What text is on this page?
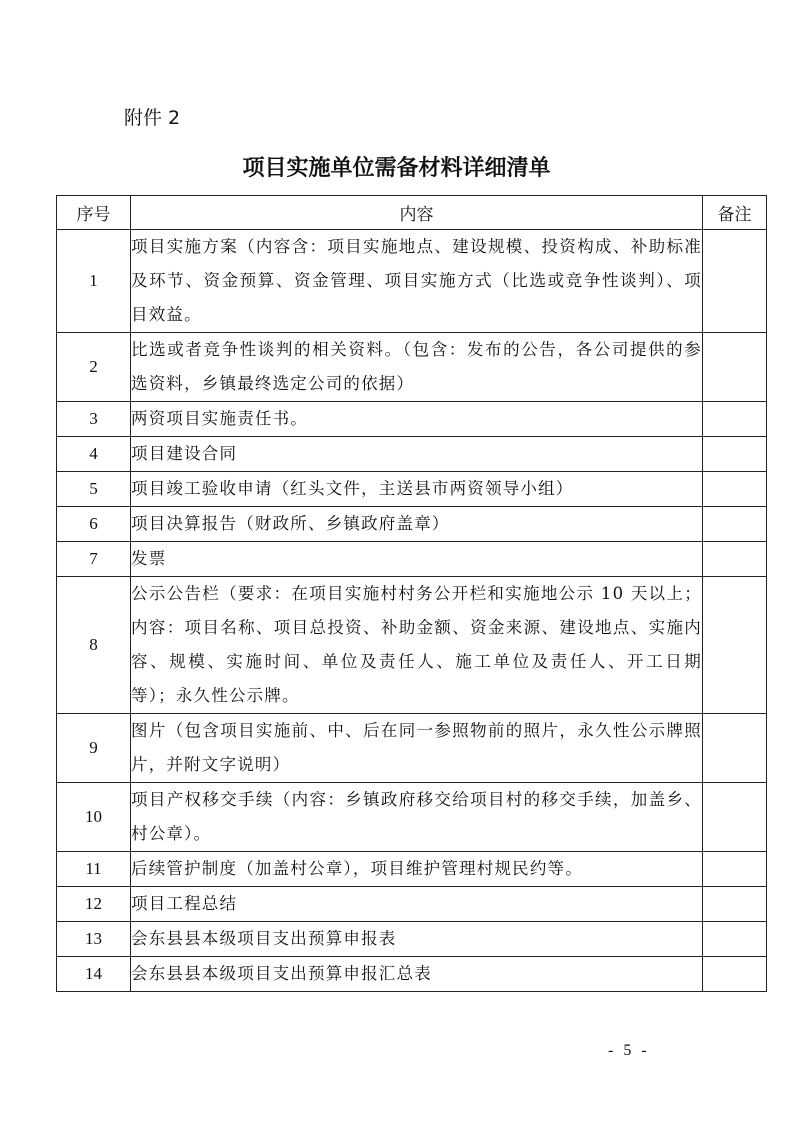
附件 2
项目实施单位需备材料详细清单
序号	内容	备注
1	项目实施方案（内容含：项目实施地点、建设规模、投资构成、补助标准及环节、资金预算、资金管理、项目实施方式（比选或竞争性谈判）、项目效益。	
2	比选或者竞争性谈判的相关资料。（包含：发布的公告，各公司提供的参选资料，乡镇最终选定公司的依据）	
3	两资项目实施责任书。	
4	项目建设合同	
5	项目竣工验收申请（红头文件，主送县市两资领导小组）	
6	项目决算报告（财政所、乡镇政府盖章）	
7	发票	
8	公示公告栏（要求：在项目实施村村务公开栏和实施地公示 10 天以上；内容：项目名称、项目总投资、补助金额、资金来源、建设地点、实施内容、规模、实施时间、单位及责任人、施工单位及责任人、开工日期等）；永久性公示牌。	
9	图片（包含项目实施前、中、后在同一参照物前的照片，永久性公示牌照片，并附文字说明）	
10	项目产权移交手续（内容：乡镇政府移交给项目村的移交手续，加盖乡、村公章）。	
11	后续管护制度（加盖村公章），项目维护管理村规民约等。	
12	项目工程总结	
13	会东县县本级项目支出预算申报表	
14	会东县县本级项目支出预算申报汇总表	
- 5 -
